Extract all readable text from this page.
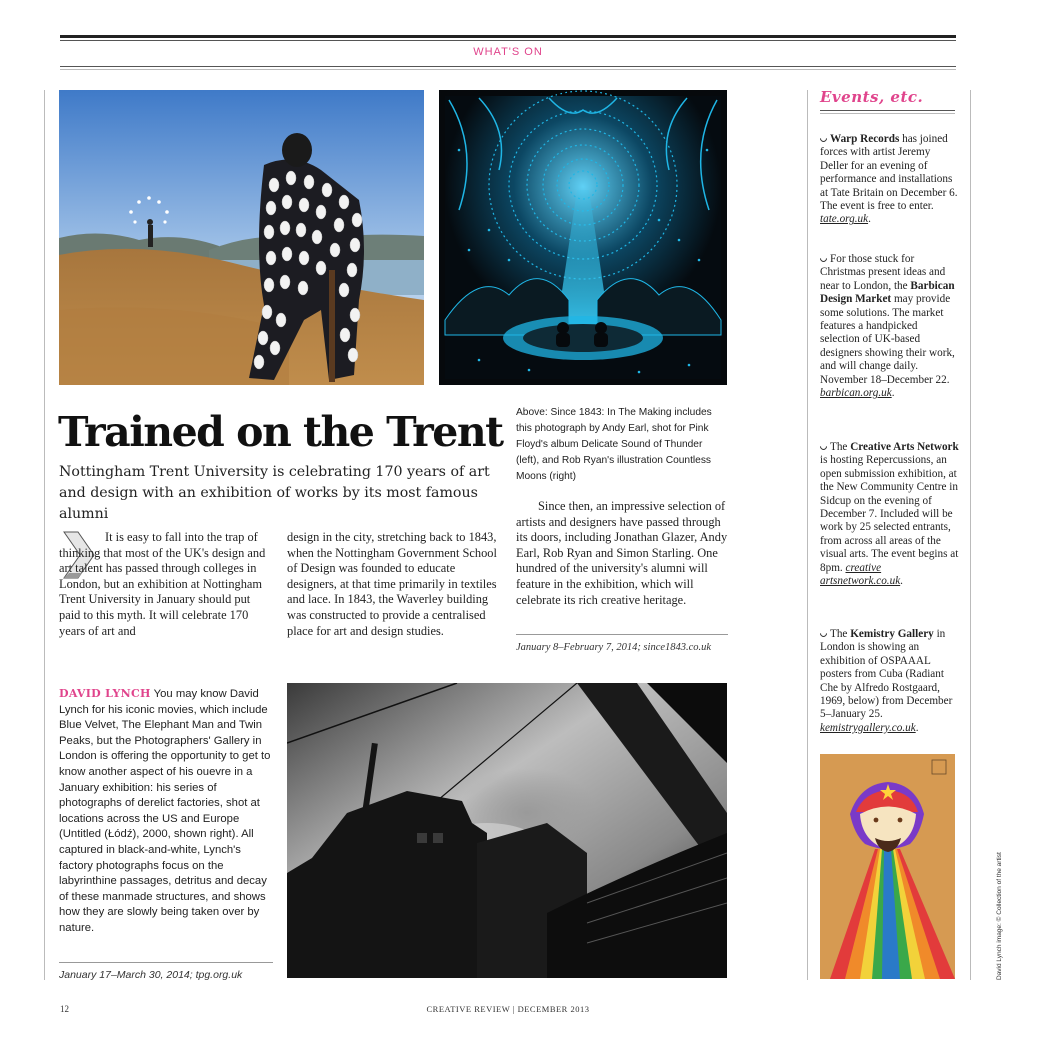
WHAT'S ON
Trained on the Trent
Nottingham Trent University is celebrating 170 years of art and design with an exhibition of works by its most famous alumni
Above: Since 1843: In The Making includes this photograph by Andy Earl, shot for Pink Floyd's album Delicate Sound of Thunder (left), and Rob Ryan's illustration Countless Moons (right)
It is easy to fall into the trap of thinking that most of the UK's design and art talent has passed through colleges in London, but an exhibition at Nottingham Trent University in January should put paid to this myth. It will celebrate 170 years of art and
design in the city, stretching back to 1843, when the Nottingham Government School of Design was founded to educate designers, at that time primarily in textiles and lace. In 1843, the Waverley building was constructed to provide a centralised place for art and design studies.
Since then, an impressive selection of artists and designers have passed through its doors, including Jonathan Glazer, Andy Earl, Rob Ryan and Simon Starling. One hundred of the university's alumni will feature in the exhibition, which will celebrate its rich creative heritage.
January 8–February 7, 2014; since1843.co.uk
DAVID LYNCH You may know David Lynch for his iconic movies, which include Blue Velvet, The Elephant Man and Twin Peaks, but the Photographers' Gallery in London is offering the opportunity to get to know another aspect of his ouevre in a January exhibition: his series of photographs of derelict factories, shot at locations across the US and Europe (Untitled (Łódź), 2000, shown right). All captured in black-and-white, Lynch's factory photographs focus on the labyrinthine passages, detritus and decay of these manmade structures, and shows how they are slowly being taken over by nature.
January 17–March 30, 2014; tpg.org.uk
Events, etc.
Warp Records has joined forces with artist Jeremy Deller for an evening of performance and installations at Tate Britain on December 6. The event is free to enter. tate.org.uk.
For those stuck for Christmas present ideas and near to London, the Barbican Design Market may provide some solutions. The market features a handpicked selection of UK-based designers showing their work, and will change daily. November 18–December 22. barbican.org.uk.
The Creative Arts Network is hosting Repercussions, an open submission exhibition, at the New Community Centre in Sidcup on the evening of December 7. Included will be work by 25 selected entrants, from across all areas of the visual arts. The event begins at 8pm. creative artsnetwork.co.uk.
The Kemistry Gallery in London is showing an exhibition of OSPAAAL posters from Cuba (Radiant Che by Alfredo Rostgaard, 1969, below) from December 5–January 25. kemistrygallery.co.uk.
David Lynch image: © Collection of the artist
12	CREATIVE REVIEW | DECEMBER 2013
